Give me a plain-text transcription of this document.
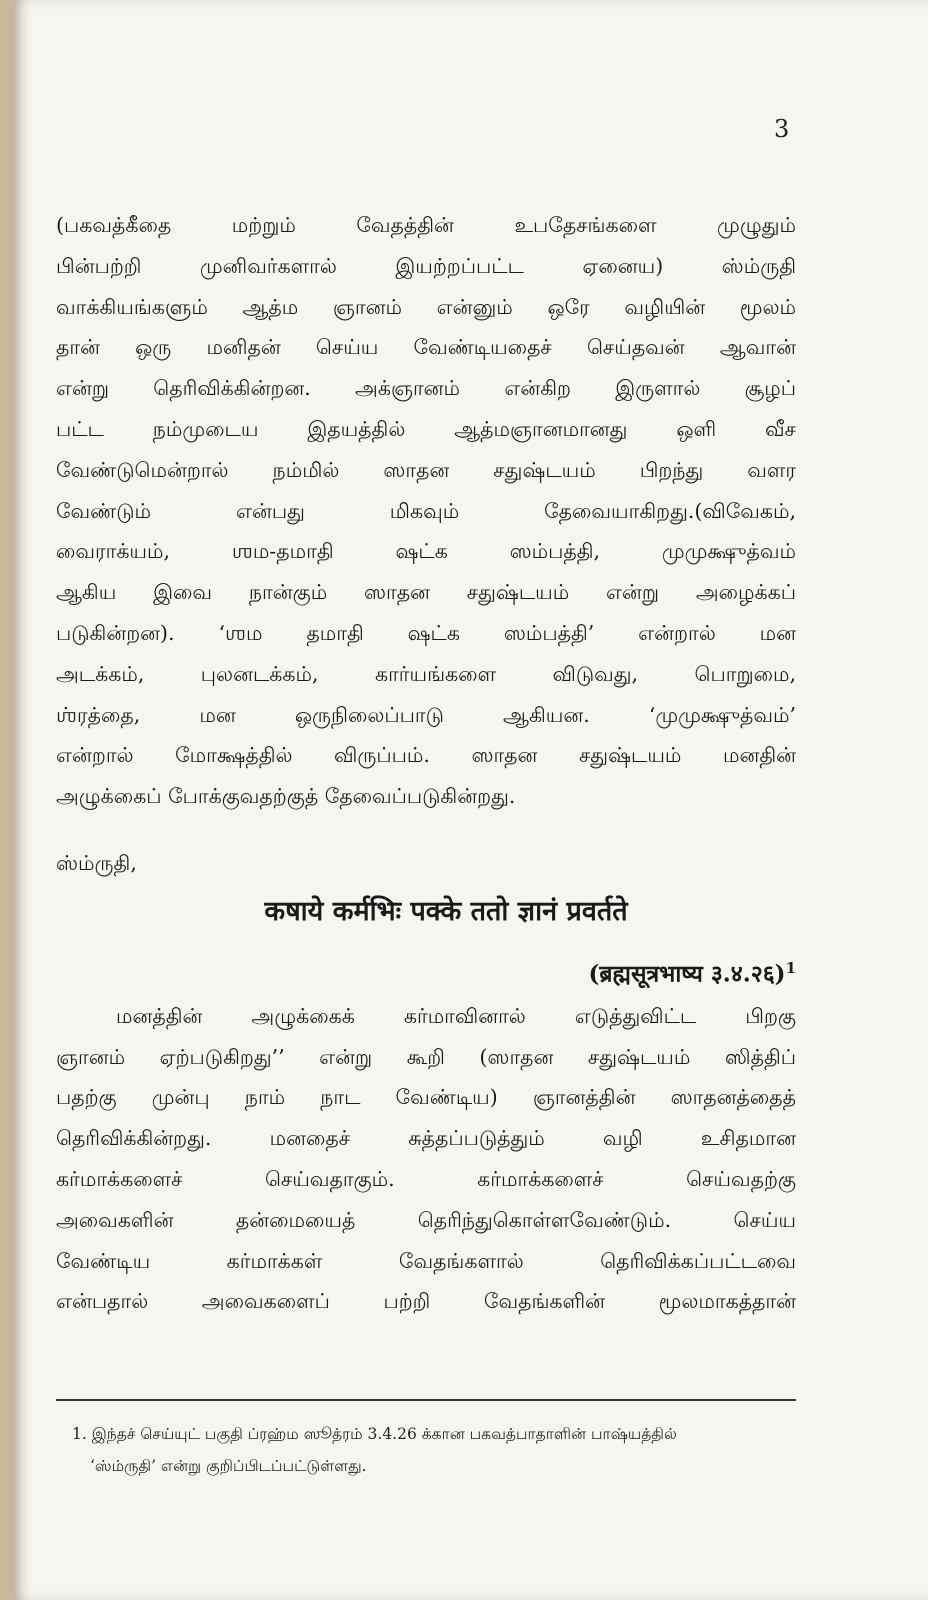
3
(பகவத்கீதை மற்றும் வேதத்தின் உபதேசங்களை முழுதும்
பின்பற்றி முனிவர்களால் இயற்றப்பட்ட ஏனைய) ஸ்ம்ருதி
வாக்கியங்களும் ஆத்ம ஞானம் என்னும் ஒரே வழியின் மூலம்
தான் ஒரு மனிதன் செய்ய வேண்டியதைச் செய்தவன் ஆவான்
என்று தெரிவிக்கின்றன. அக்ஞானம் என்கிற இருளால் சூழப்
பட்ட நம்முடைய இதயத்தில் ஆத்மஞானமானது ஒளி வீச
வேண்டுமென்றால் நம்மில் ஸாதன சதுஷ்டயம் பிறந்து வளர
வேண்டும் என்பது மிகவும் தேவையாகிறது.(விவேகம்,
வைராக்யம், ஶம-தமாதி ஷட்க ஸம்பத்தி, முமுக்ஷுத்வம்
ஆகிய இவை நான்கும் ஸாதன சதுஷ்டயம் என்று அழைக்கப்
படுகின்றன). ‘ஶம தமாதி ஷட்க ஸம்பத்தி’ என்றால் மன
அடக்கம், புலனடக்கம், கார்யங்களை விடுவது, பொறுமை,
ஶ்ரத்தை, மன ஒருநிலைப்பாடு ஆகியன. ‘முமுக்ஷுத்வம்’
என்றால் மோக்ஷத்தில் விருப்பம். ஸாதன சதுஷ்டயம் மனதின்
அழுக்கைப் போக்குவதற்குத் தேவைப்படுகின்றது.
ஸ்ம்ருதி,
कषाये कर्मभिः पक्के ततो ज्ञानं प्रवर्तते
(ब्रह्मसूत्रभाष्य ३.४.२६)$^1$
மனத்தின் அழுக்கைக் கர்மாவினால் எடுத்துவிட்ட பிறகு
ஞானம் ஏற்படுகிறது’’ என்று கூறி (ஸாதன சதுஷ்டயம் ஸித்திப்
பதற்கு முன்பு நாம் நாட வேண்டிய) ஞானத்தின் ஸாதனத்தைத்
தெரிவிக்கின்றது. மனதைச் சுத்தப்படுத்தும் வழி உசிதமான
கர்மாக்களைச் செய்வதாகும். கர்மாக்களைச் செய்வதற்கு
அவைகளின் தன்மையைத் தெரிந்துகொள்ளவேண்டும். செய்ய
வேண்டிய கர்மாக்கள் வேதங்களால் தெரிவிக்கப்பட்டவை
என்பதால் அவைகளைப் பற்றி வேதங்களின் மூலமாகத்தான்
1. இந்தச் செய்யுட் பகுதி ப்ரஹ்ம ஸூத்ரம் 3.4.26 க்கான பகவத்பாதாளின் பாஷ்யத்தில்
‘ஸ்ம்ருதி’ என்று குறிப்பிடப்பட்டுள்ளது.
